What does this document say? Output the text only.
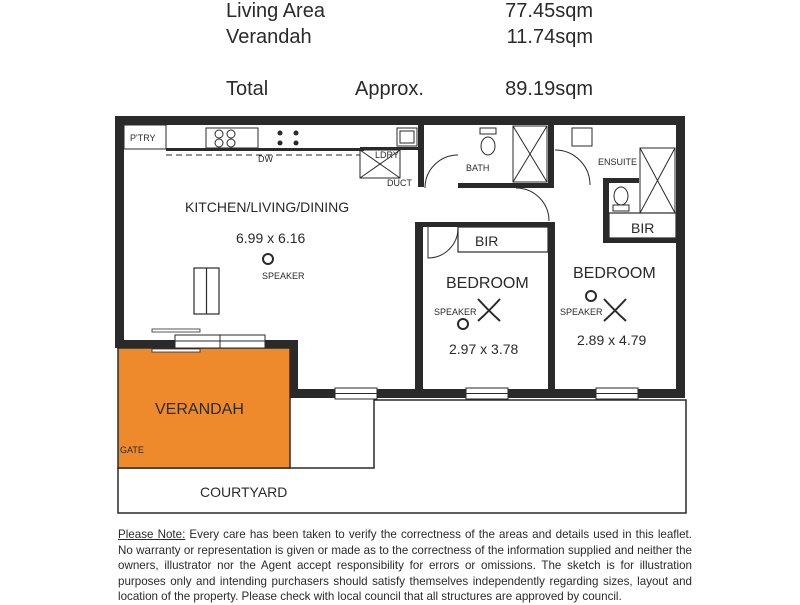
Living Area	77.45sqm
Verandah	11.74sqm
Total	Approx.	89.19sqm
P'TRY
DW	LDRY
DUCT
BATH
ENSUITE
BIR
BIR
KITCHEN/LIVING/DINING
6.99 x 6.16
SPEAKER	BEDROOM
SPEAKER
2.97 x 3.78
BEDROOM
SPEAKER
2.89 x 4.79
VERANDAH
GATE
COURTYARD
Please Note: Every care has been taken to verify the correctness of the areas and details used in this leaflet. No warranty or representation is given or made as to the correctness of the information supplied and neither the owners, illustrator nor the Agent accept responsibility for errors or omissions. The sketch is for illustration purposes only and intending purchasers should satisfy themselves independently regarding sizes, layout and location of the property. Please check with local council that all structures are approved by council.
